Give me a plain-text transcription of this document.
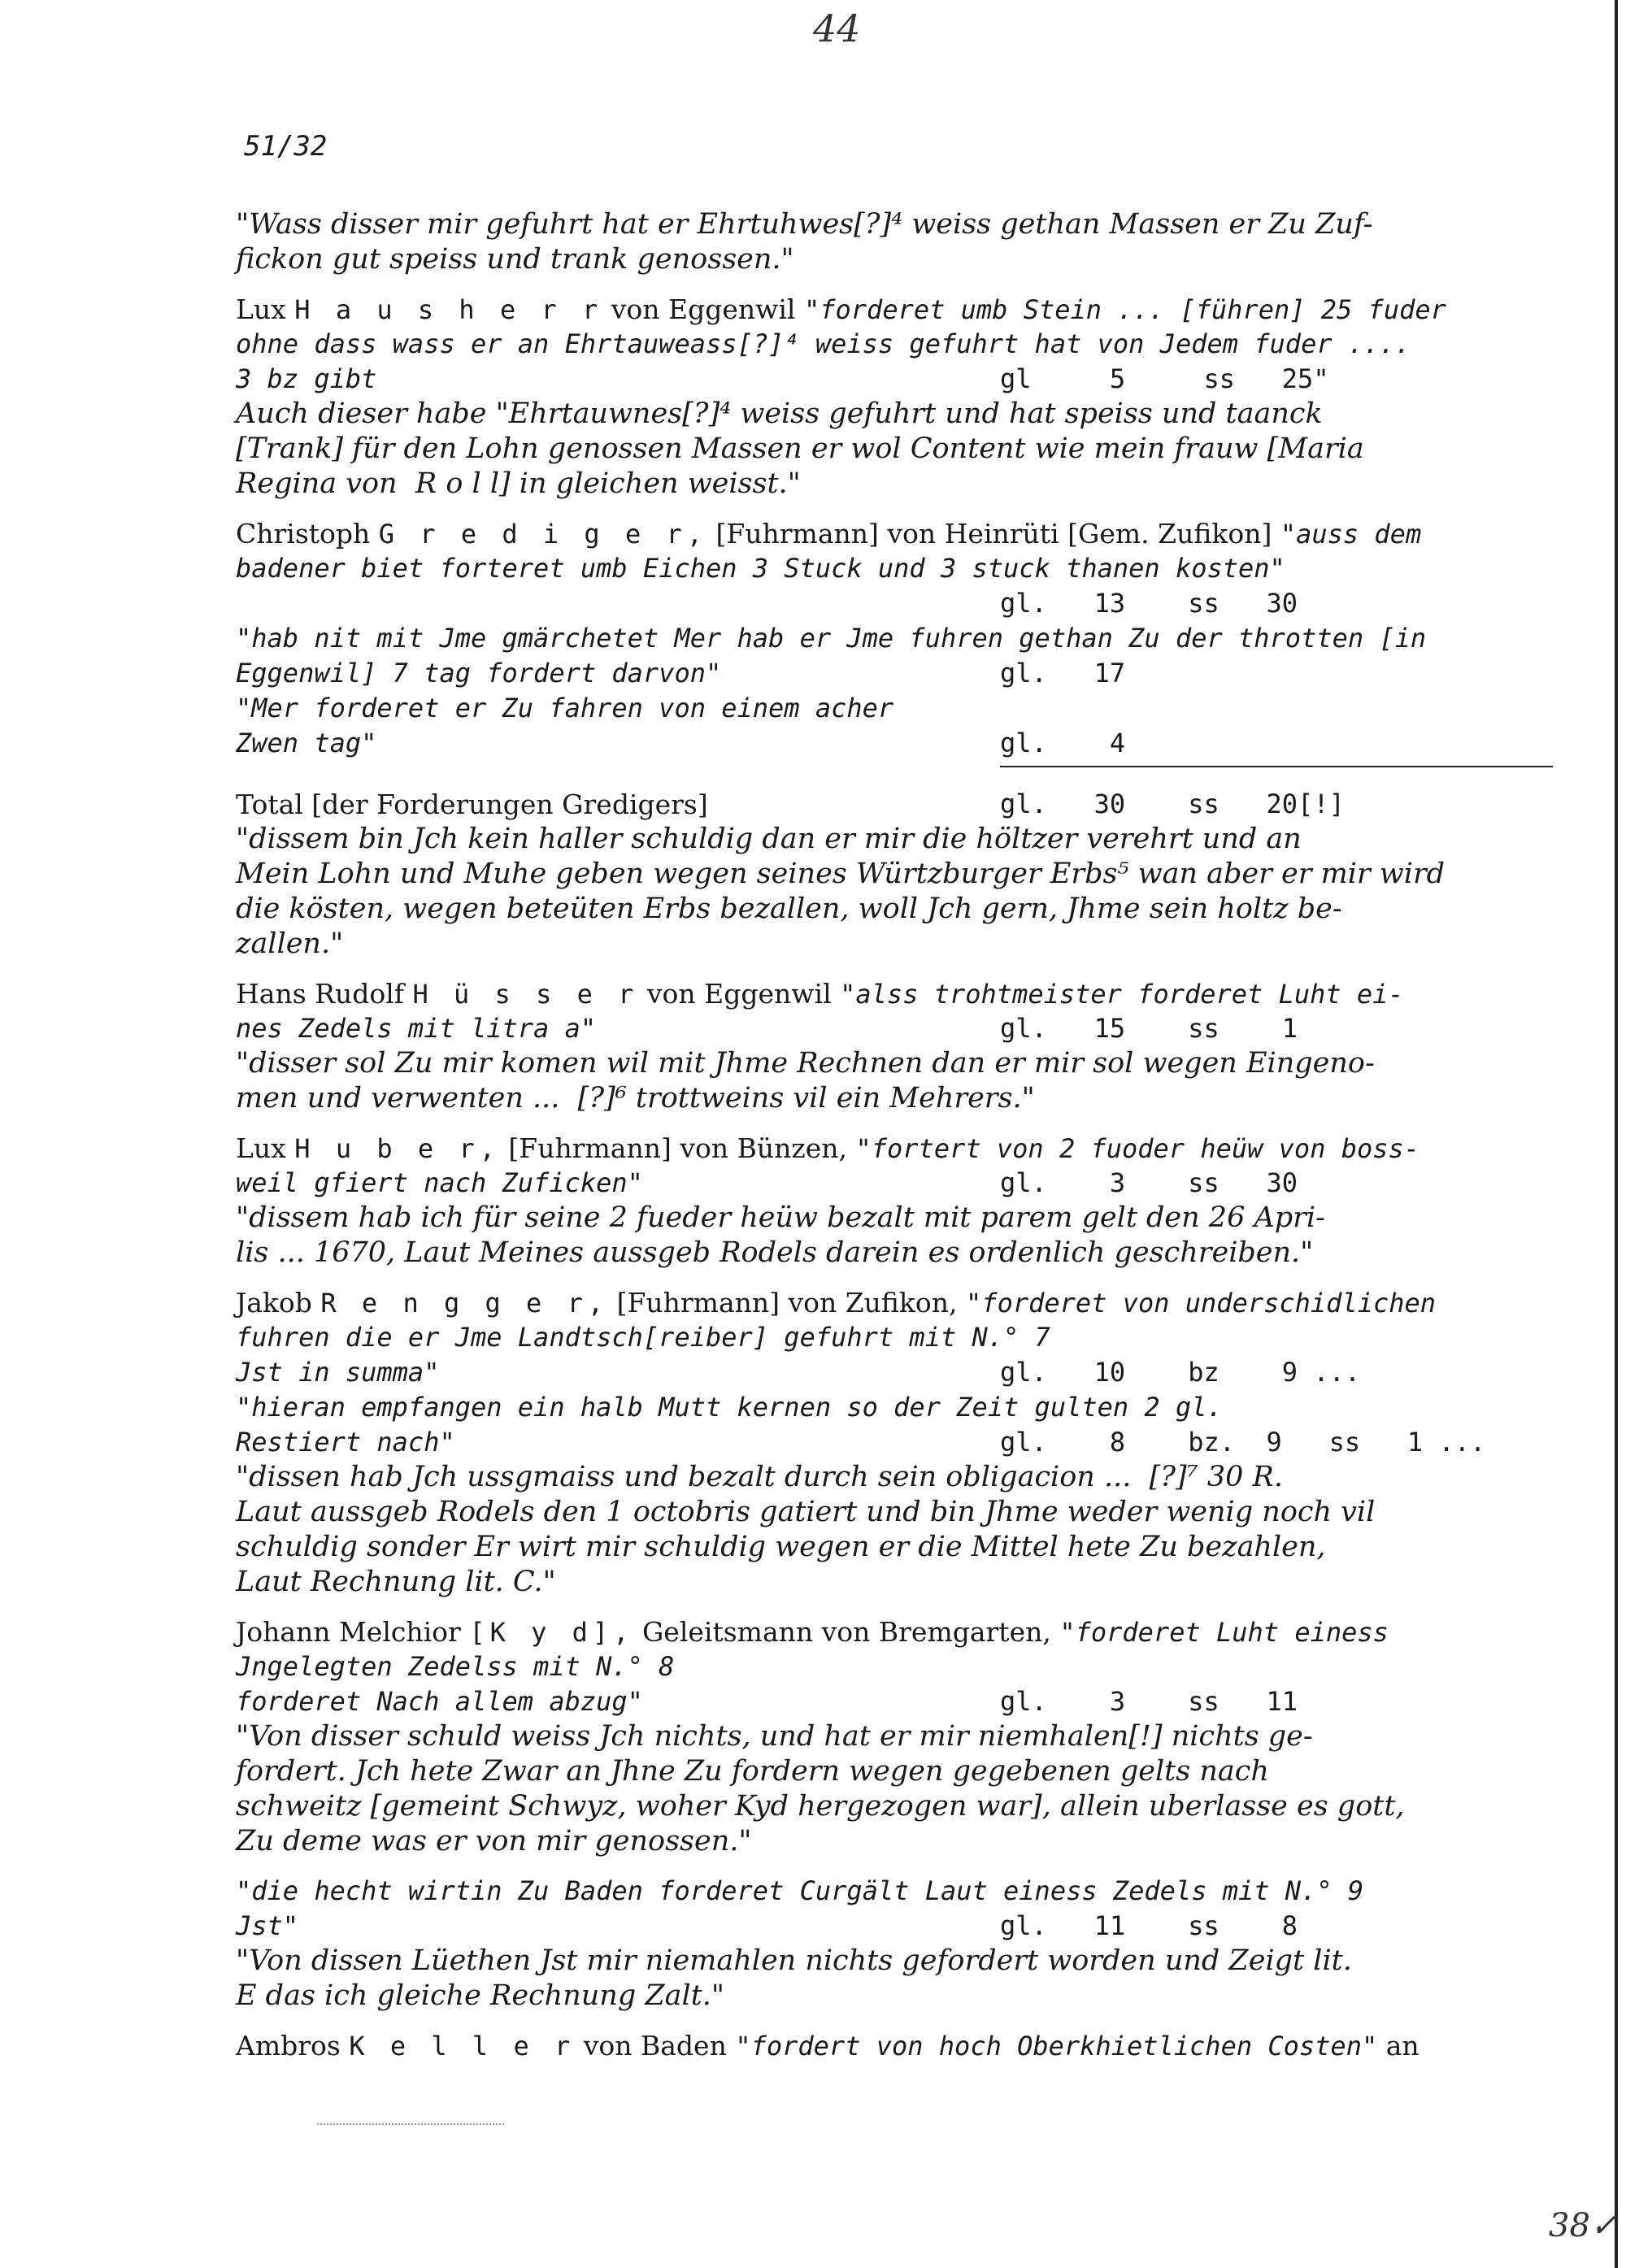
44
51/32
"Wass disser mir gefuhrt hat er Ehrtuhwes[?]⁴ weiss gethan Massen er Zu Zuf-
fickon gut speiss und trank genossen."
Lux H a u s h e r r von Eggenwil "forderet umb Stein ... [führen] 25 fuder
ohne dass wass er an Ehrtauweass[?]⁴ weiss gefuhrt hat von Jedem fuder ....
3 bz gibt	gl     5     ss   25"
Auch dieser habe "Ehrtauwnes[?]⁴ weiss gefuhrt und hat speiss und taanck
[Trank] für den Lohn genossen Massen er wol Content wie mein frauw [Maria
Regina von  R o l l] in gleichen weisst."
Christoph G r e d i g e r, [Fuhrmann] von Heinrüti [Gem. Zufikon] "auss dem
badener biet forteret umb Eichen 3 Stuck und 3 stuck thanen kosten"
gl.   13    ss   30
"hab nit mit Jme gmärchetet Mer hab er Jme fuhren gethan Zu der throtten [in
Eggenwil] 7 tag fordert darvon"	gl.   17
"Mer forderet er Zu fahren von einem acher
Zwen tag"	gl.    4
Total [der Forderungen Gredigers]	gl.   30    ss   20[!]
"dissem bin Jch kein haller schuldig dan er mir die höltzer verehrt und an
Mein Lohn und Muhe geben wegen seines Würtzburger Erbs⁵ wan aber er mir wird
die kösten, wegen beteüten Erbs bezallen, woll Jch gern, Jhme sein holtz be-
zallen."
Hans Rudolf H ü s s e r von Eggenwil "alss trohtmeister forderet Luht ei-
nes Zedels mit litra a"	gl.   15    ss    1
"disser sol Zu mir komen wil mit Jhme Rechnen dan er mir sol wegen Eingeno-
men und verwenten ...  [?]⁶ trottweins vil ein Mehrers."
Lux H u b e r, [Fuhrmann] von Bünzen, "fortert von 2 fuoder heüw von boss-
weil gfiert nach Zuficken"	gl.    3    ss   30
"dissem hab ich für seine 2 fueder heüw bezalt mit parem gelt den 26 Apri-
lis ... 1670, Laut Meines aussgeb Rodels darein es ordenlich geschreiben."
Jakob R e n g g e r, [Fuhrmann] von Zufikon, "forderet von underschidlichen
fuhren die er Jme Landtsch[reiber] gefuhrt mit N.° 7
Jst in summa"	gl.   10    bz    9 ...
"hieran empfangen ein halb Mutt kernen so der Zeit gulten 2 gl.
Restiert nach"	gl.    8    bz.  9   ss   1 ...
"dissen hab Jch ussgmaiss und bezalt durch sein obligacion ...  [?]⁷ 30 R.
Laut aussgeb Rodels den 1 octobris gatiert und bin Jhme weder wenig noch vil
schuldig sonder Er wirt mir schuldig wegen er die Mittel hete Zu bezahlen,
Laut Rechnung lit. C."
Johann Melchior [K y d], Geleitsmann von Bremgarten, "forderet Luht einess
Jngelegten Zedelss mit N.° 8
forderet Nach allem abzug"	gl.    3    ss   11
"Von disser schuld weiss Jch nichts, und hat er mir niemhalen[!] nichts ge-
fordert. Jch hete Zwar an Jhne Zu fordern wegen gegebenen gelts nach
schweitz [gemeint Schwyz, woher Kyd hergezogen war], allein uberlasse es gott,
Zu deme was er von mir genossen."
"die hecht wirtin Zu Baden forderet Curgält Laut einess Zedels mit N.° 9
Jst"	gl.   11    ss    8
"Von dissen Lüethen Jst mir niemahlen nichts gefordert worden und Zeigt lit.
E das ich gleiche Rechnung Zalt."
Ambros K e l l e r von Baden "fordert von hoch Oberkhietlichen Costen" an
38✓
